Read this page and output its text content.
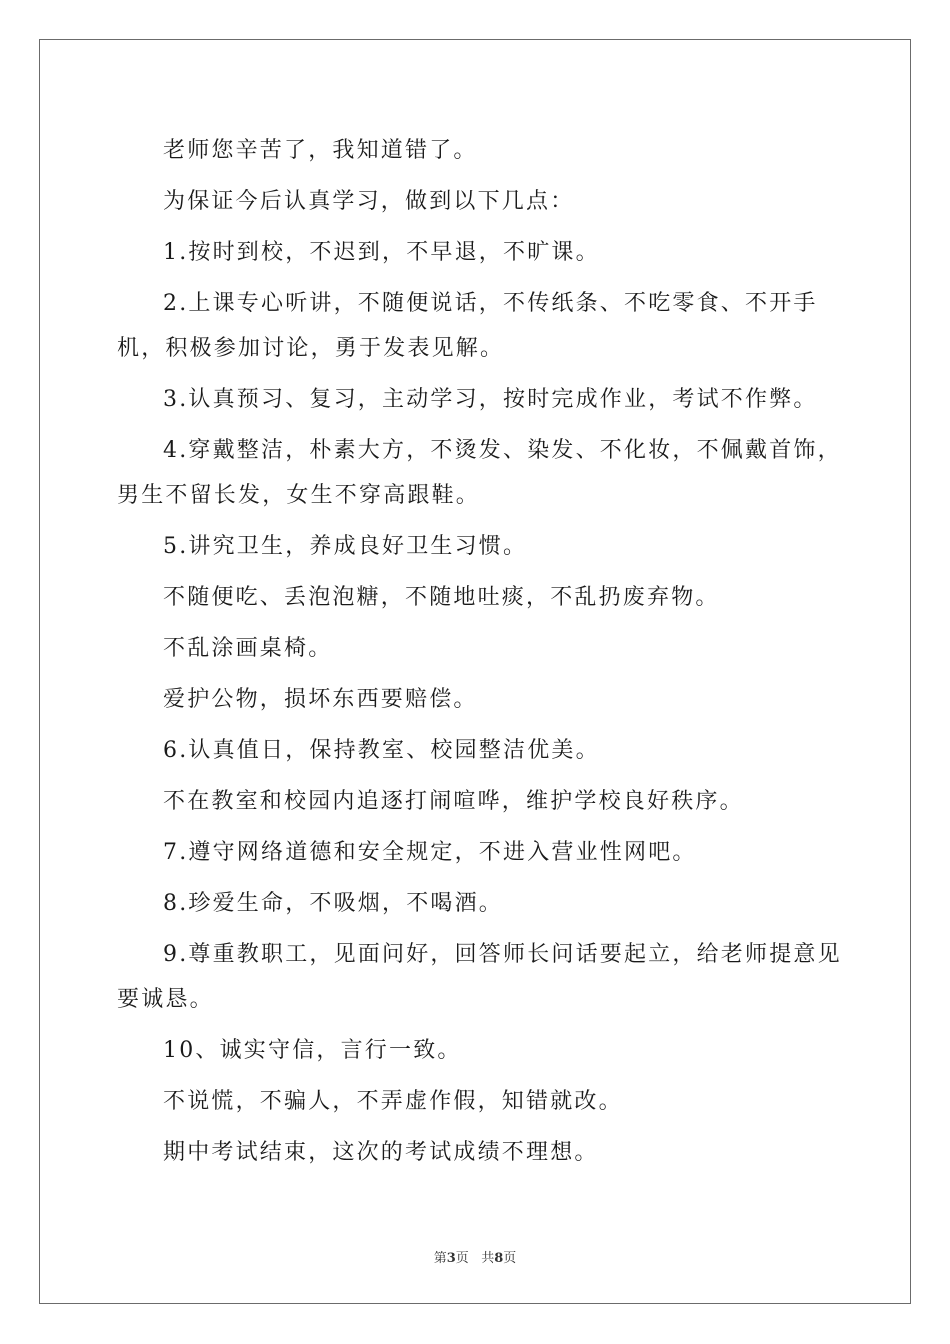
老师您辛苦了，我知道错了。

为保证今后认真学习，做到以下几点：

1.按时到校，不迟到，不早退，不旷课。

2.上课专心听讲，不随便说话，不传纸条、不吃零食、不开手机，积极参加讨论，勇于发表见解。

3.认真预习、复习，主动学习，按时完成作业，考试不作弊。

4.穿戴整洁，朴素大方，不烫发、染发、不化妆，不佩戴首饰，男生不留长发，女生不穿高跟鞋。

5.讲究卫生，养成良好卫生习惯。

不随便吃、丢泡泡糖，不随地吐痰，不乱扔废弃物。

不乱涂画桌椅。

爱护公物，损坏东西要赔偿。

6.认真值日，保持教室、校园整洁优美。

不在教室和校园内追逐打闹喧哗，维护学校良好秩序。

7.遵守网络道德和安全规定，不进入营业性网吧。

8.珍爱生命，不吸烟，不喝酒。

9.尊重教职工，见面问好，回答师长问话要起立，给老师提意见要诚恳。

10、诚实守信，言行一致。

不说慌，不骗人，不弄虚作假，知错就改。

期中考试结束，这次的考试成绩不理想。

第3页 共8页
